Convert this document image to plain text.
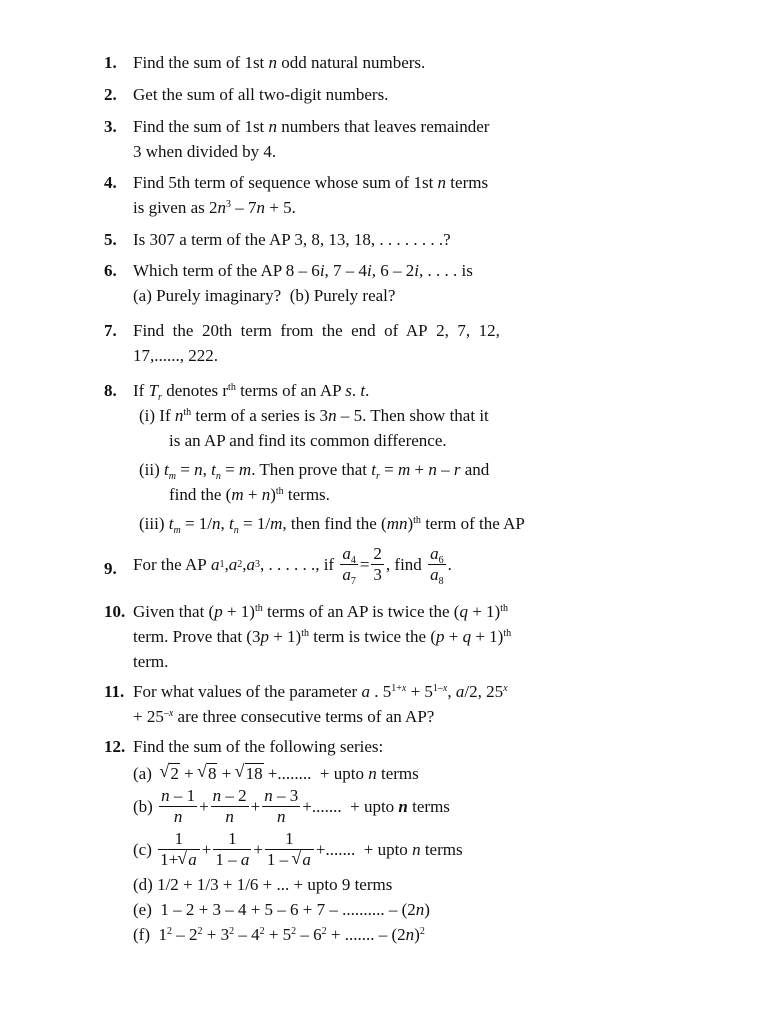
1. Find the sum of 1st n odd natural numbers.
2. Get the sum of all two-digit numbers.
3. Find the sum of 1st n numbers that leaves remainder
3 when divided by 4.
4. Find 5th term of sequence whose sum of 1st n terms
is given as $2n^3 - 7n + 5$.
5. Is 307 a term of the AP 3, 8, 13, 18, . . . . . . . .?
6. Which term of the AP 8 – 6i, 7 – 4i, 6 – 2i, . . . . is
(a) Purely imaginary?  (b) Purely real?
7. Find  the  20th  term  from  the  end  of  AP  2,  7,  12,
17,......, 222.
8. If $T_r$ denotes $r^{th}$ terms of an AP s. t.
(i) If $n^{th}$ term of a series is 3n – 5. Then show that it
is an AP and find its common difference.
(ii) $t_m = n$, $t_n = m$. Then prove that $t_r = m + n - r$ and
find the $(m + n)^{th}$ terms.
(iii) $t_m = 1/n$, $t_n = 1/m$, then find the (mn)$^{th}$ term of the AP
9. For the AP a 1 , a 2 , a 3 , . . . . . ., if $\frac{a_4}{a_7} = \frac{2}{3}$ , find $\frac{a_6}{a_8}$ .
10. Given that $(p + 1)^{th}$ terms of an AP is twice the $(q + 1)^{th}$
term. Prove that $(3p + 1)^{th}$ term is twice the $(p + q + 1)^{th}$
term.
11. For what values of the parameter a . $5^{1+x} + 5^{1-x}$, a/2, $25^x$
+ $25^{-x}$ are three consecutive terms of an AP?
12. Find the sum of the following series:
(a) √ 2 + √ 8 + √ 18 +........  + upto n terms
$(b) \frac{n - 1}{n} + \frac{n - 2}{n} + \frac{n - 3}{n}$ +.......  + upto n terms
$(c) \frac{1}{1+ √ a} + \frac{1}{1 - a} + \frac{1}{1 - √ a}$ +.......  + upto n terms
(d) 1/2 + 1/3 + 1/6 + ... + upto 9 terms
(e)  1 – 2 + 3 – 4 + 5 – 6 + 7 – .......... – (2n)
(f)  $1^2 - 2^2 + 3^2 - 4^2 + 5^2 - 6^2$ + ....... – $(2n)^2$
